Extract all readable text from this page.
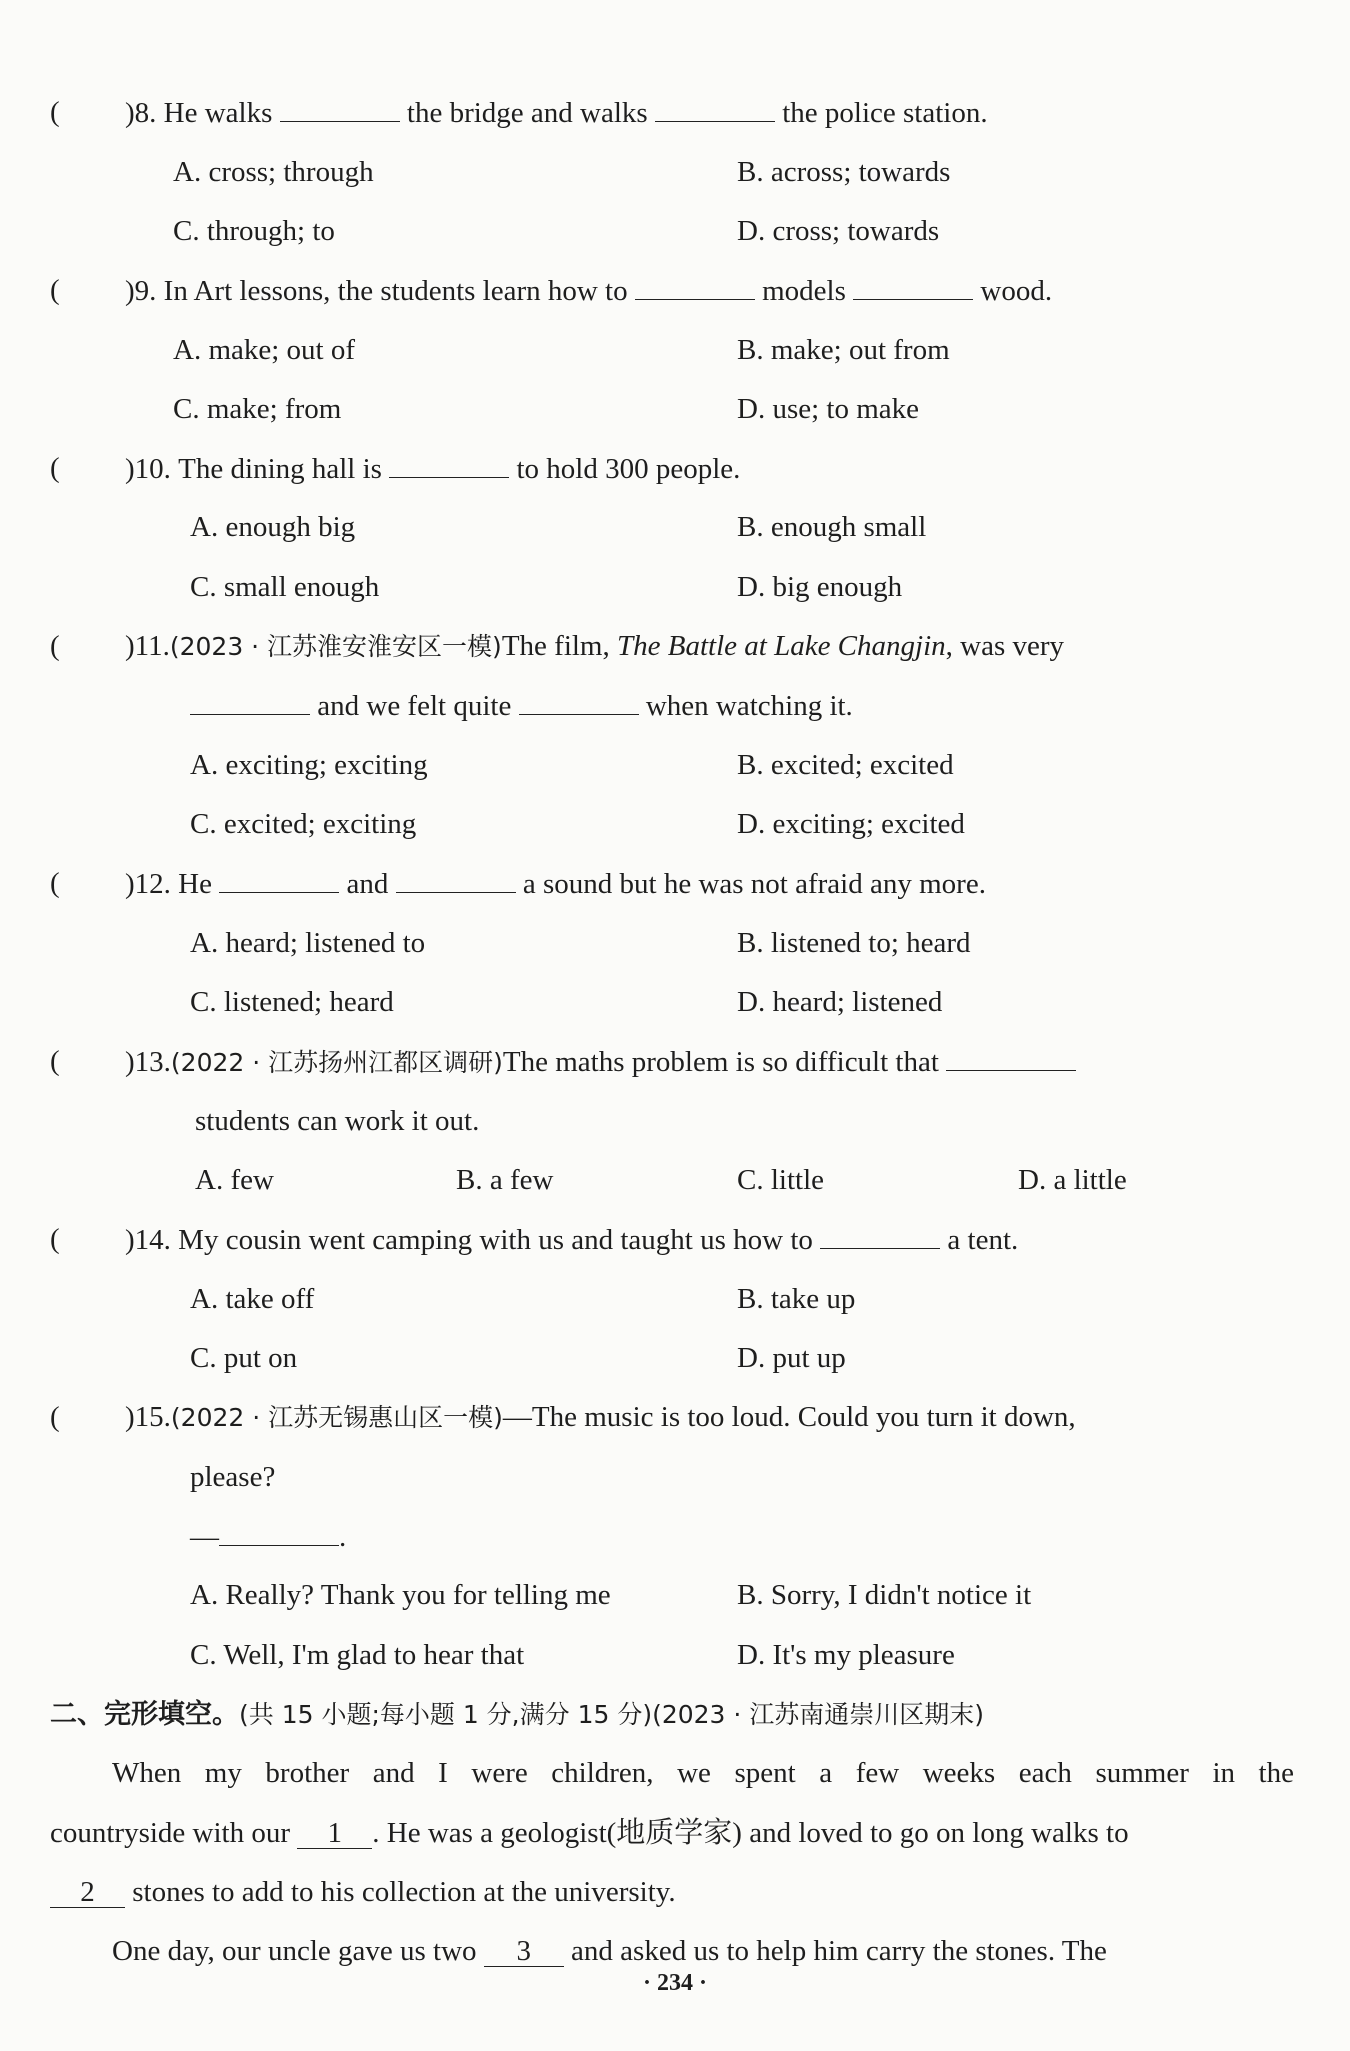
( )8. He walks	the bridge and walks	the police station.
A. cross; through	B. across; towards
C. through; to	D. cross; towards
( )9. In Art lessons, the students learn how to	models	wood.
A. make; out of	B. make; out from
C. make; from	D. use; to make
( )10. The dining hall is	to hold 300 people.
A. enough big	B. enough small
C. small enough	D. big enough
( )11.(2023 · 江苏淮安淮安区一模)The film, The Battle at Lake Changjin, was very
and we felt quite	when watching it.
A. exciting; exciting	B. excited; excited
C. excited; exciting	D. exciting; excited
( )12. He	and	a sound but he was not afraid any more.
A. heard; listened to	B. listened to; heard
C. listened; heard	D. heard; listened
( )13.(2022 · 江苏扬州江都区调研)The maths problem is so difficult that
students can work it out.
A. few	B. a few	C. little	D. a little
( )14. My cousin went camping with us and taught us how to	a tent.
A. take off	B. take up
C. put on	D. put up
( )15.(2022 · 江苏无锡惠山区一模)—The music is too loud. Could you turn it down,
please?
—	.
A. Really? Thank you for telling me	B. Sorry, I didn't notice it
C. Well, I'm glad to hear that	D. It's my pleasure
二、完形填空。(共 15 小题;每小题 1 分,满分 15 分)(2023 · 江苏南通崇川区期末)
When my brother and I were children, we spent a few weeks each summer in the
countryside with our 1 . He was a geologist(地质学家) and loved to go on long walks to
2 stones to add to his collection at the university.
One day, our uncle gave us two 3 and asked us to help him carry the stones. The
· 234 ·
